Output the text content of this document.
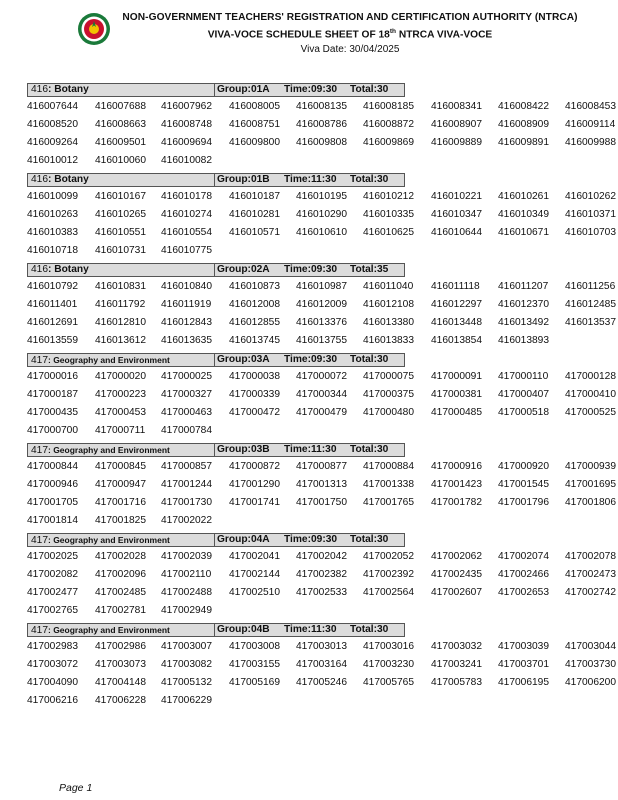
NON-GOVERNMENT TEACHERS' REGISTRATION AND CERTIFICATION AUTHORITY (NTRCA)
VIVA-VOCE SCHEDULE SHEET OF 18th NTRCA VIVA-VOCE
Viva Date: 30/04/2025
416: Botany	Group:01A Time:09:30 Total:30
416007644 416007688 416007962 416008005 416008135 416008185 416008341 416008422 416008453
416008520 416008663 416008748 416008751 416008786 416008872 416008907 416008909 416009114
416009264 416009501 416009694 416009800 416009808 416009869 416009889 416009891 416009988
416010012 416010060 416010082
416: Botany	Group:01B Time:11:30 Total:30
416010099 416010167 416010178 416010187 416010195 416010212 416010221 416010261 416010262
416010263 416010265 416010274 416010281 416010290 416010335 416010347 416010349 416010371
416010383 416010551 416010554 416010571 416010610 416010625 416010644 416010671 416010703
416010718 416010731 416010775
416: Botany	Group:02A Time:09:30 Total:35
416010792 416010831 416010840 416010873 416010987 416011040 416011118 416011207 416011256
416011401 416011792 416011919 416012008 416012009 416012108 416012297 416012370 416012485
416012691 416012810 416012843 416012855 416013376 416013380 416013448 416013492 416013537
416013559 416013612 416013635 416013745 416013755 416013833 416013854 416013893
417: Geography and Environment	Group:03A Time:09:30 Total:30
417000016 417000020 417000025 417000038 417000072 417000075 417000091 417000110 417000128
417000187 417000223 417000327 417000339 417000344 417000375 417000381 417000407 417000410
417000435 417000453 417000463 417000472 417000479 417000480 417000485 417000518 417000525
417000700 417000711 417000784
417: Geography and Environment	Group:03B Time:11:30 Total:30
417000844 417000845 417000857 417000872 417000877 417000884 417000916 417000920 417000939
417000946 417000947 417001244 417001290 417001313 417001338 417001423 417001545 417001695
417001705 417001716 417001730 417001741 417001750 417001765 417001782 417001796 417001806
417001814 417001825 417002022
417: Geography and Environment	Group:04A Time:09:30 Total:30
417002025 417002028 417002039 417002041 417002042 417002052 417002062 417002074 417002078
417002082 417002096 417002110 417002144 417002382 417002392 417002435 417002466 417002473
417002477 417002485 417002488 417002510 417002533 417002564 417002607 417002653 417002742
417002765 417002781 417002949
417: Geography and Environment	Group:04B Time:11:30 Total:30
417002983 417002986 417003007 417003008 417003013 417003016 417003032 417003039 417003044
417003072 417003073 417003082 417003155 417003164 417003230 417003241 417003701 417003730
417004090 417004148 417005132 417005169 417005246 417005765 417005783 417006195 417006200
417006216 417006228 417006229
Page 1
